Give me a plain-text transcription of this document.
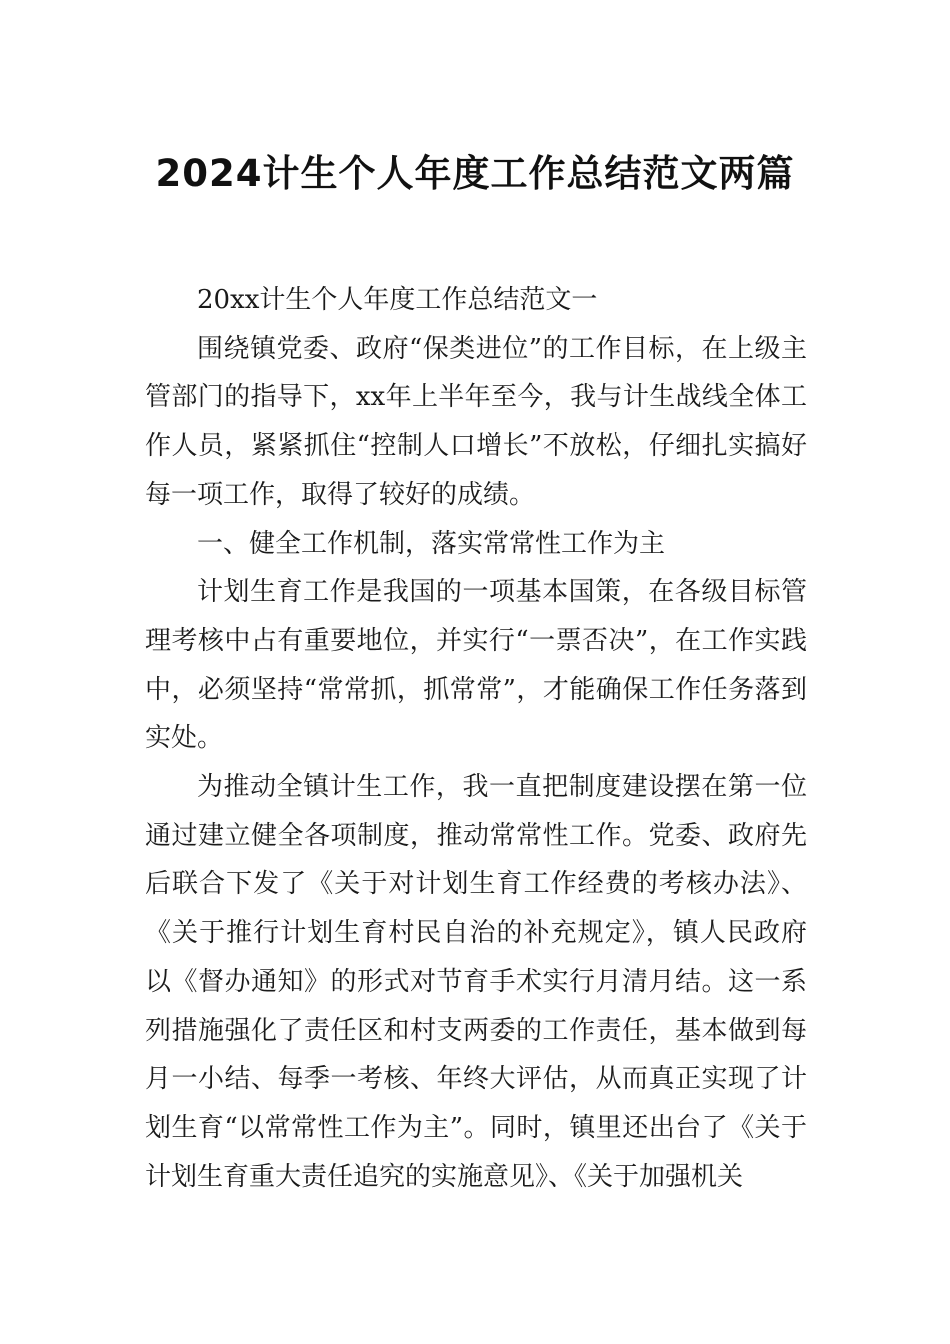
2024计生个人年度工作总结范文两篇

20xx计生个人年度工作总结范文一

围绕镇党委、政府“保类进位”的工作目标，在上级主管部门的指导下，xx年上半年至今，我与计生战线全体工作人员，紧紧抓住“控制人口增长”不放松，仔细扎实搞好每一项工作，取得了较好的成绩。

一、健全工作机制，落实常常性工作为主

计划生育工作是我国的一项基本国策，在各级目标管理考核中占有重要地位，并实行“一票否决”，在工作实践中，必须坚持“常常抓，抓常常”，才能确保工作任务落到实处。

为推动全镇计生工作，我一直把制度建设摆在第一位通过建立健全各项制度，推动常常性工作。党委、政府先后联合下发了《关于对计划生育工作经费的考核办法》、《关于推行计划生育村民自治的补充规定》，镇人民政府以《督办通知》的形式对节育手术实行月清月结。这一系列措施强化了责任区和村支两委的工作责任，基本做到每月一小结、每季一考核、年终大评估，从而真正实现了计划生育“以常常性工作为主”。同时，镇里还出台了《关于计划生育重大责任追究的实施意见》、《关于加强机关
